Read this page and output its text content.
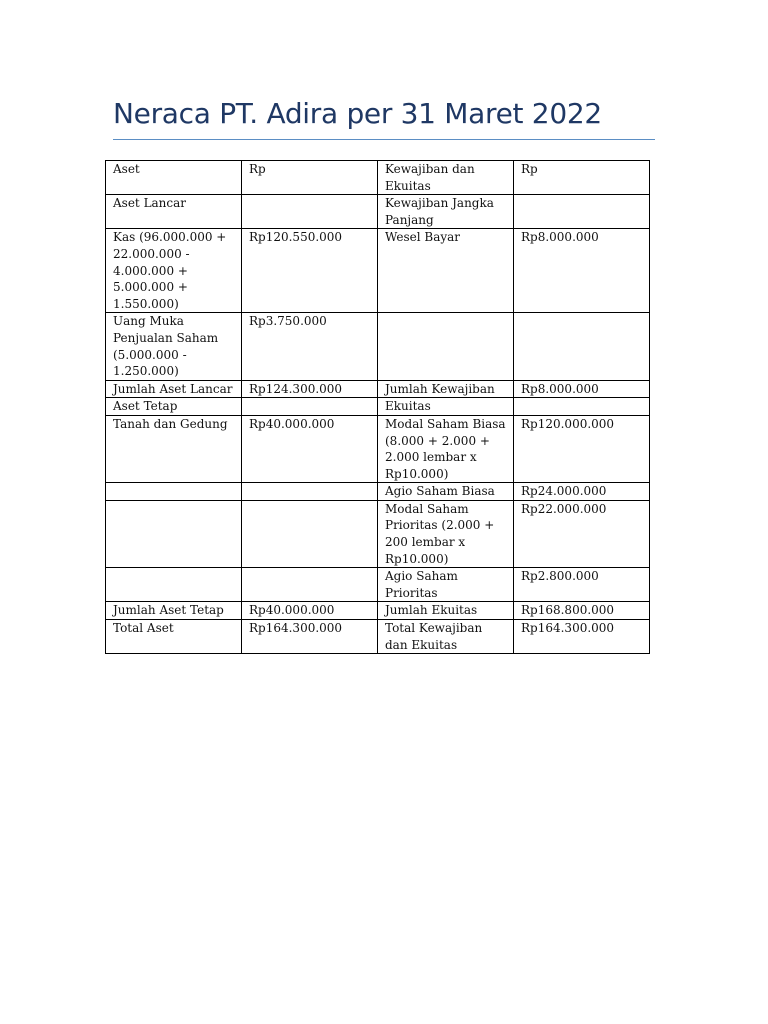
Neraca PT. Adira per 31 Maret 2022
Aset	Rp	Kewajiban dan Ekuitas	Rp
Aset Lancar		Kewajiban Jangka Panjang	
Kas (96.000.000 + 22.000.000 - 4.000.000 + 5.000.000 + 1.550.000)	Rp120.550.000	Wesel Bayar	Rp8.000.000
Uang Muka Penjualan Saham (5.000.000 - 1.250.000)	Rp3.750.000		
Jumlah Aset Lancar	Rp124.300.000	Jumlah Kewajiban	Rp8.000.000
Aset Tetap		Ekuitas	
Tanah dan Gedung	Rp40.000.000	Modal Saham Biasa (8.000 + 2.000 + 2.000 lembar x Rp10.000)	Rp120.000.000
		Agio Saham Biasa	Rp24.000.000
		Modal Saham Prioritas (2.000 + 200 lembar x Rp10.000)	Rp22.000.000
		Agio Saham Prioritas	Rp2.800.000
Jumlah Aset Tetap	Rp40.000.000	Jumlah Ekuitas	Rp168.800.000
Total Aset	Rp164.300.000	Total Kewajiban dan Ekuitas	Rp164.300.000
